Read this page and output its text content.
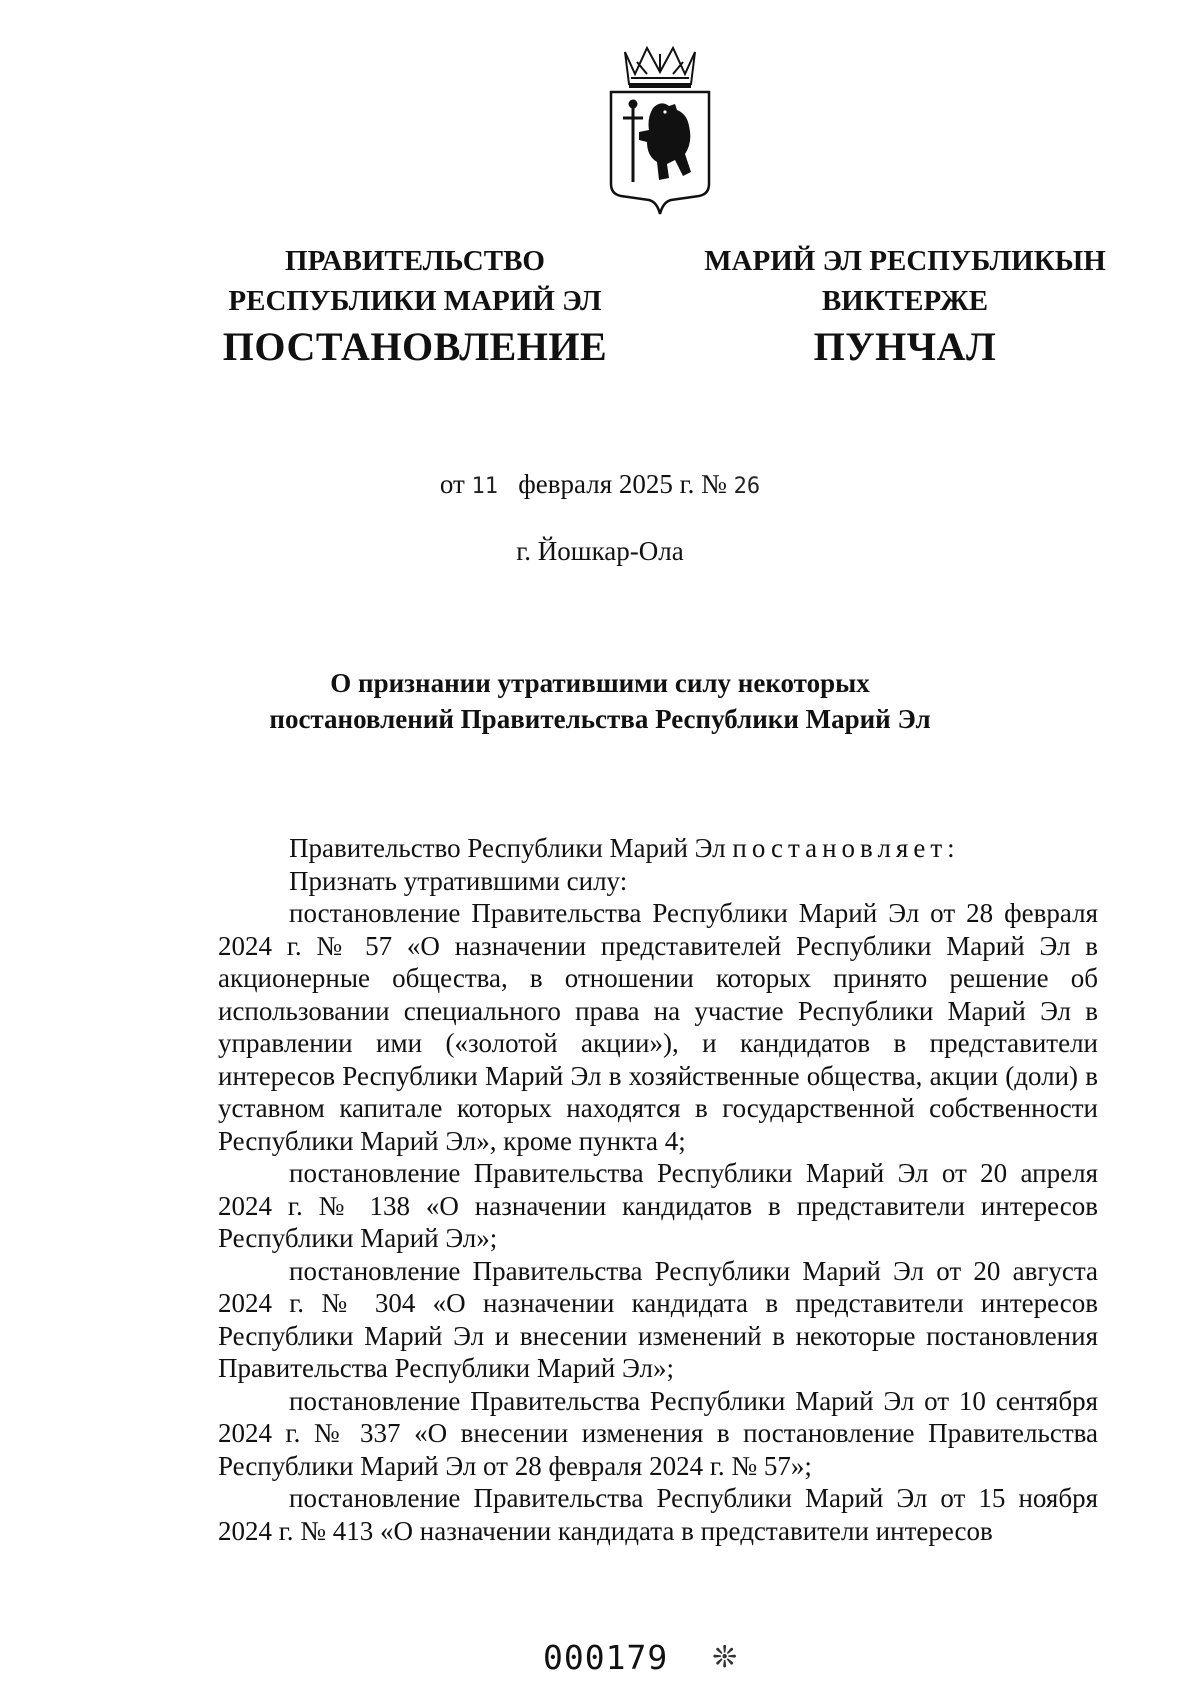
ПРАВИТЕЛЬСТВО
РЕСПУБЛИКИ МАРИЙ ЭЛ
МАРИЙ ЭЛ РЕСПУБЛИКЫН
ВИКТЕРЖЕ
ПОСТАНОВЛЕНИЕ	ПУНЧАЛ
от 11 февраля 2025 г. № 26
г. Йошкар-Ола
О признании утратившими силу некоторых
постановлений Правительства Республики Марий Эл

Правительство Республики Марий Эл постановляет:

Признать утратившими силу:

постановление Правительства Республики Марий Эл от 28 февраля 2024 г. № 57 «О назначении представителей Республики Марий Эл в акционерные общества, в отношении которых принято решение об использовании специального права на участие Республики Марий Эл в управлении ими («золотой акции»), и кандидатов в представители интересов Республики Марий Эл в хозяйственные общества, акции (доли) в уставном капитале которых находятся в государственной собственности Республики Марий Эл», кроме пункта 4;

постановление Правительства Республики Марий Эл от 20 апреля 2024 г. № 138 «О назначении кандидатов в представители интересов Республики Марий Эл»;

постановление Правительства Республики Марий Эл от 20 августа 2024 г. № 304 «О назначении кандидата в представители интересов Республики Марий Эл и внесении изменений в некоторые постановления Правительства Республики Марий Эл»;

постановление Правительства Республики Марий Эл от 10 сентября 2024 г. № 337 «О внесении изменения в постановление Правительства Республики Марий Эл от 28 февраля 2024 г. № 57»;

постановление Правительства Республики Марий Эл от 15 ноября 2024 г. № 413 «О назначении кандидата в представители интересов

000179 ❊
